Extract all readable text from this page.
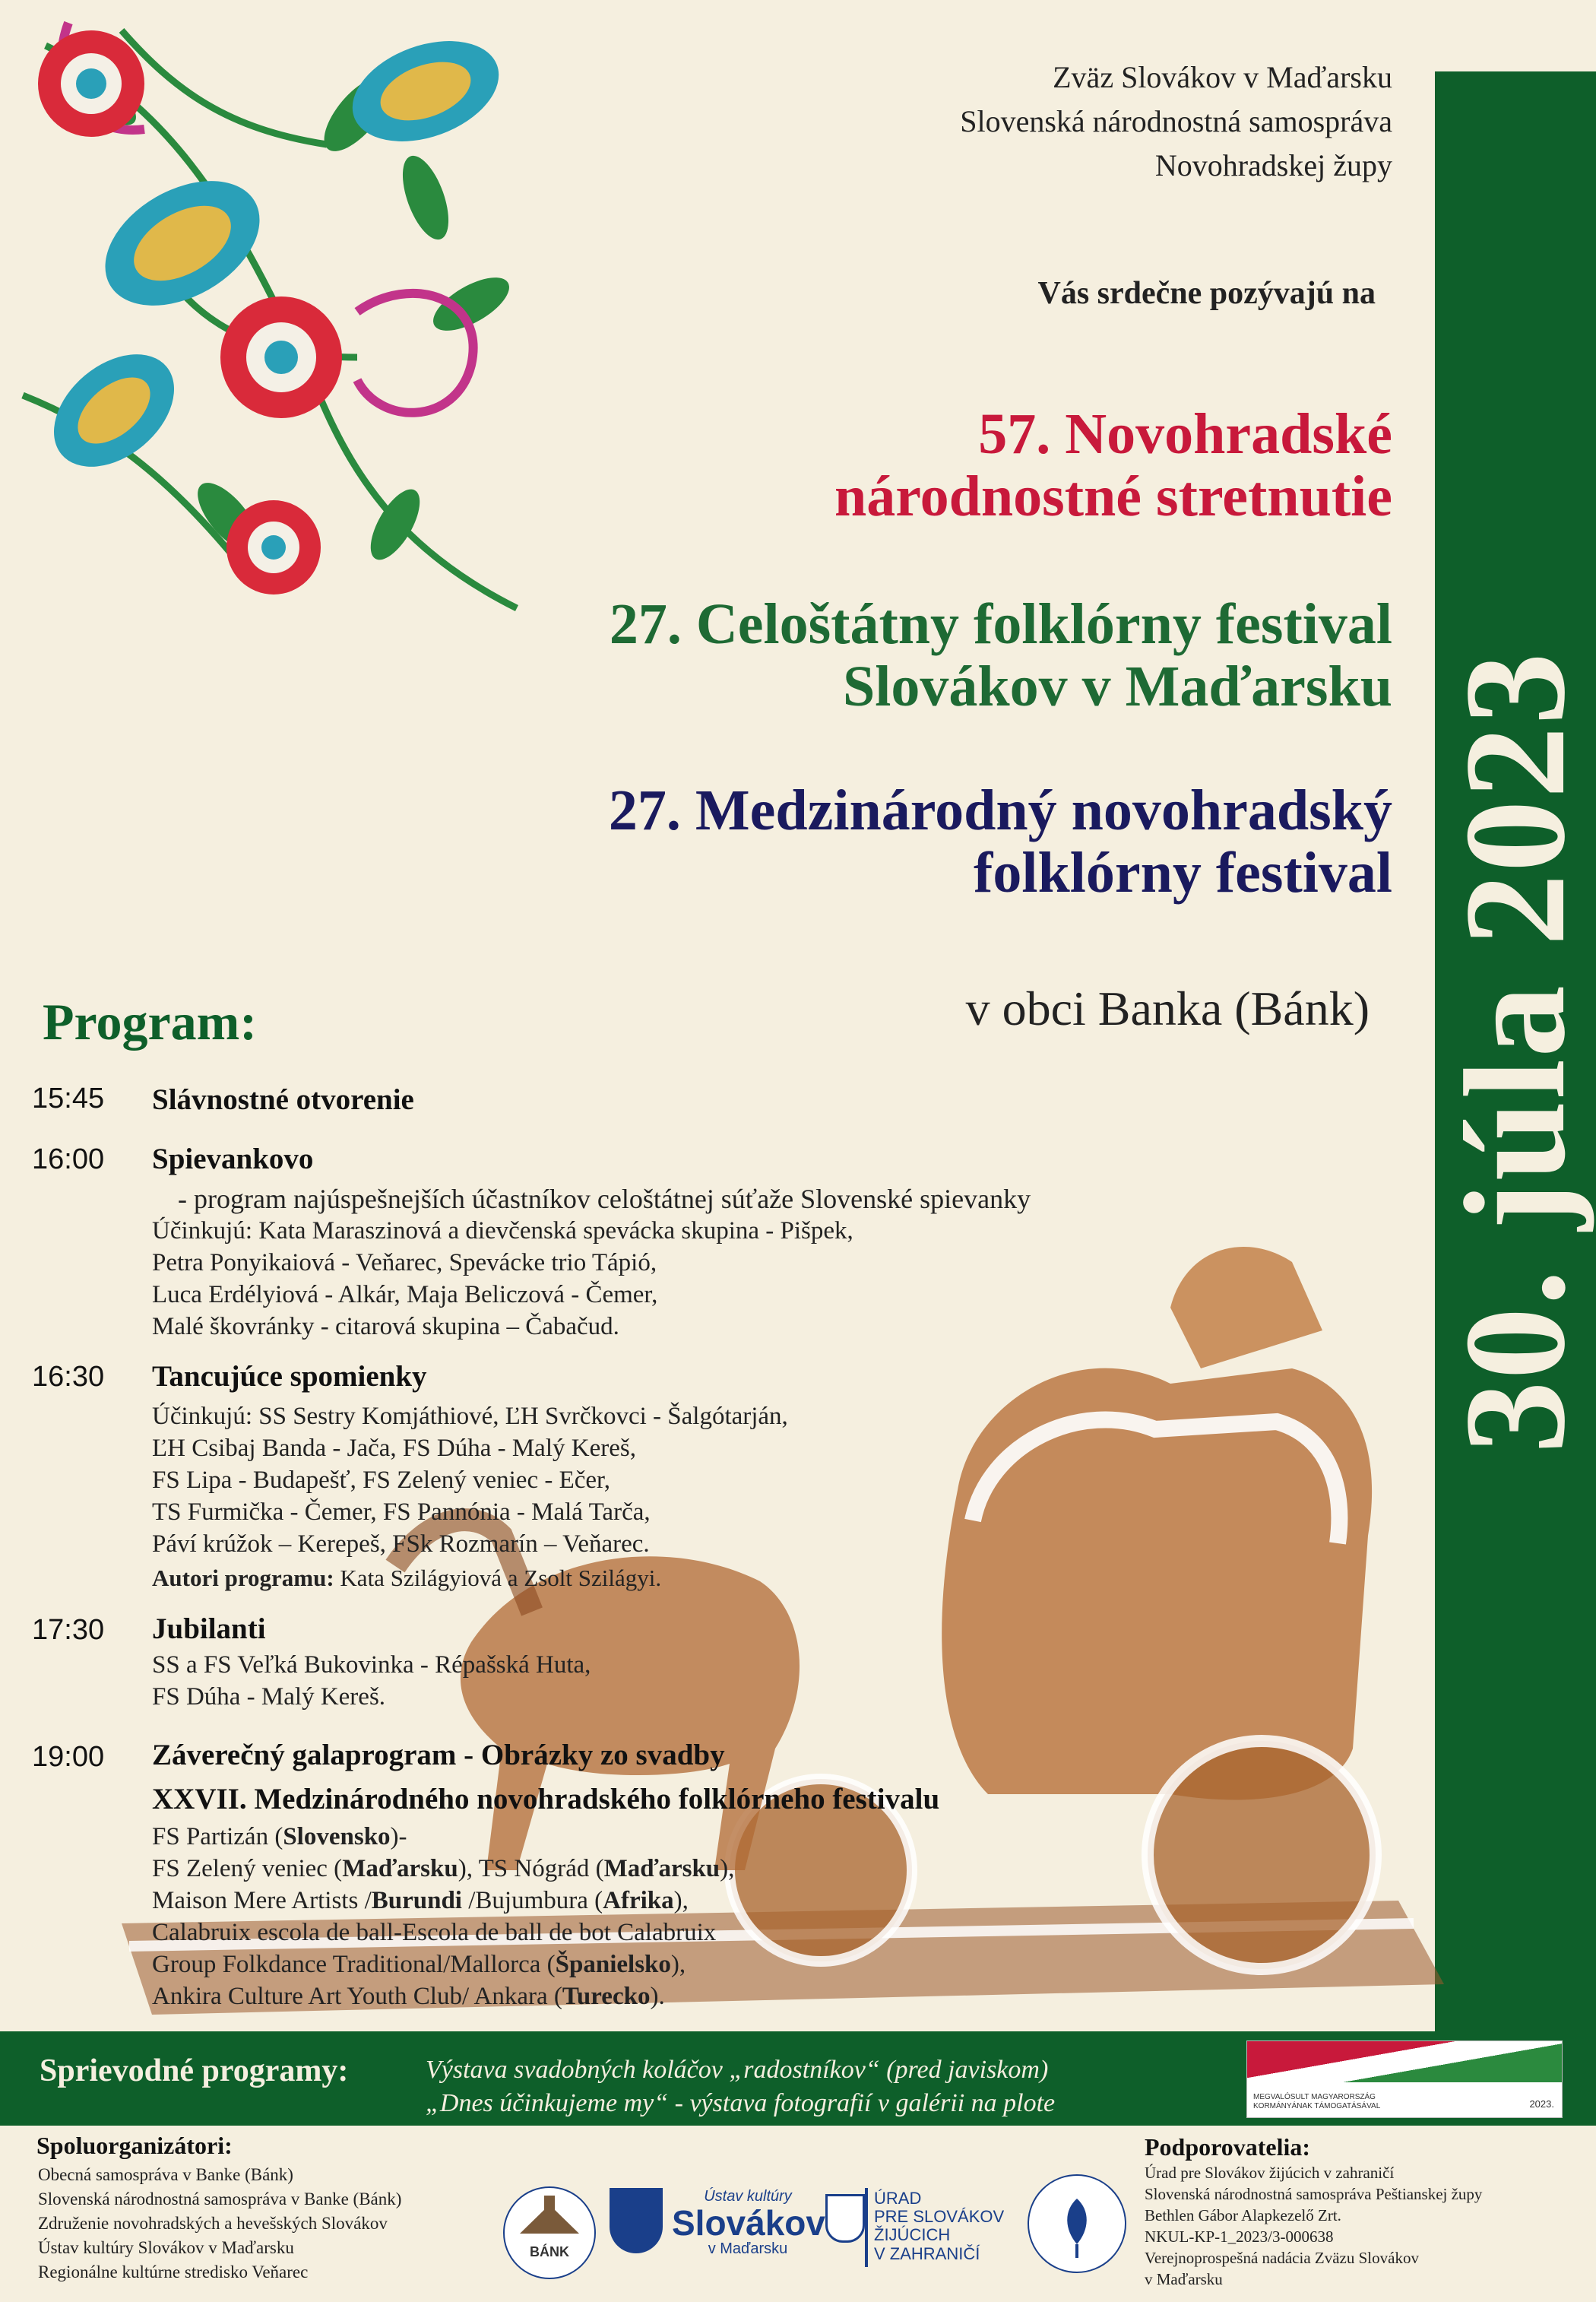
Zväz Slovákov v Maďarsku
Slovenská národnostná samospráva
Novohradskej župy
Vás srdečne pozývajú na
57. Novohradské
národnostné stretnutie
27. Celoštátny folklórny festival
Slovákov v Maďarsku
27. Medzinárodný novohradský
folklórny festival
v obci Banka (Bánk) 30. júla 2023
Program:
15:45 Slávnostné otvorenie
16:00 Spievankovo
- program najúspešnejších účastníkov celoštátnej súťaže Slovenské spievanky
Účinkujú: Kata Maraszinová a dievčenská spevácka skupina - Pišpek,
Petra Ponyikaiová - Veňarec, Spevácke trio Tápió,
Luca Erdélyiová - Alkár, Maja Beliczová - Čemer,
Malé škovránky - citarová skupina – Čabačud.
16:30 Tancujúce spomienky
Účinkujú: SS Sestry Komjáthiové, ĽH Svrčkovci - Šalgótarján,
ĽH Csibaj Banda - Jača, FS Dúha - Malý Kereš,
FS Lipa - Budapešť, FS Zelený veniec - Ečer,
TS Furmička - Čemer, FS Pannónia - Malá Tarča,
Páví krúžok – Kerepeš, FSk Rozmarín – Veňarec.
Autori programu: Kata Szilágyiová a Zsolt Szilágyi.
17:30 Jubilanti
SS a FS Veľká Bukovinka - Répašská Huta,
FS Dúha - Malý Kereš.
19:00 Záverečný galaprogram - Obrázky zo svadby
XXVII. Medzinárodného novohradského folklórneho festivalu
FS Partizán (Slovensko)-
FS Zelený veniec (Maďarsku), TS Nógrád (Maďarsku),
Maison Mere Artists /Burundi /Bujumbura (Afrika),
Calabruix escola de ball-Escola de ball de bot Calabruix
Group Folkdance Traditional/Mallorca (Španielsko),
Ankira Culture Art Youth Club/ Ankara (Turecko).
Sprievodné programy:	Výstava svadobných koláčov „radostníkov“ (pred javiskom)
„Dnes účinkujeme my“ - výstava fotografií v galérii na plote	MEGVALÓSULT MAGYARORSZÁG KORMÁNYÁNAK TÁMOGATÁSÁVAL	2023.
Spoluorganizátori:
Obecná samospráva v Banke (Bánk)
Slovenská národnostná samospráva v Banke (Bánk)
Združenie novohradských a hevešských Slovákov
Ústav kultúry Slovákov v Maďarsku
Regionálne kultúrne stredisko Veňarec
BÁNK
Ústav kultúry
Slovákov
v Maďarsku
ÚRAD
PRE SLOVÁKOV
ŽIJÚCICH
V ZAHRANIČÍ
Podporovatelia:
Úrad pre Slovákov žijúcich v zahraničí
Slovenská národnostná samospráva Peštianskej župy
Bethlen Gábor Alapkezelő Zrt.
NKUL-KP-1_2023/3-000638
Verejnoprospešná nadácia Zväzu Slovákov
v Maďarsku
